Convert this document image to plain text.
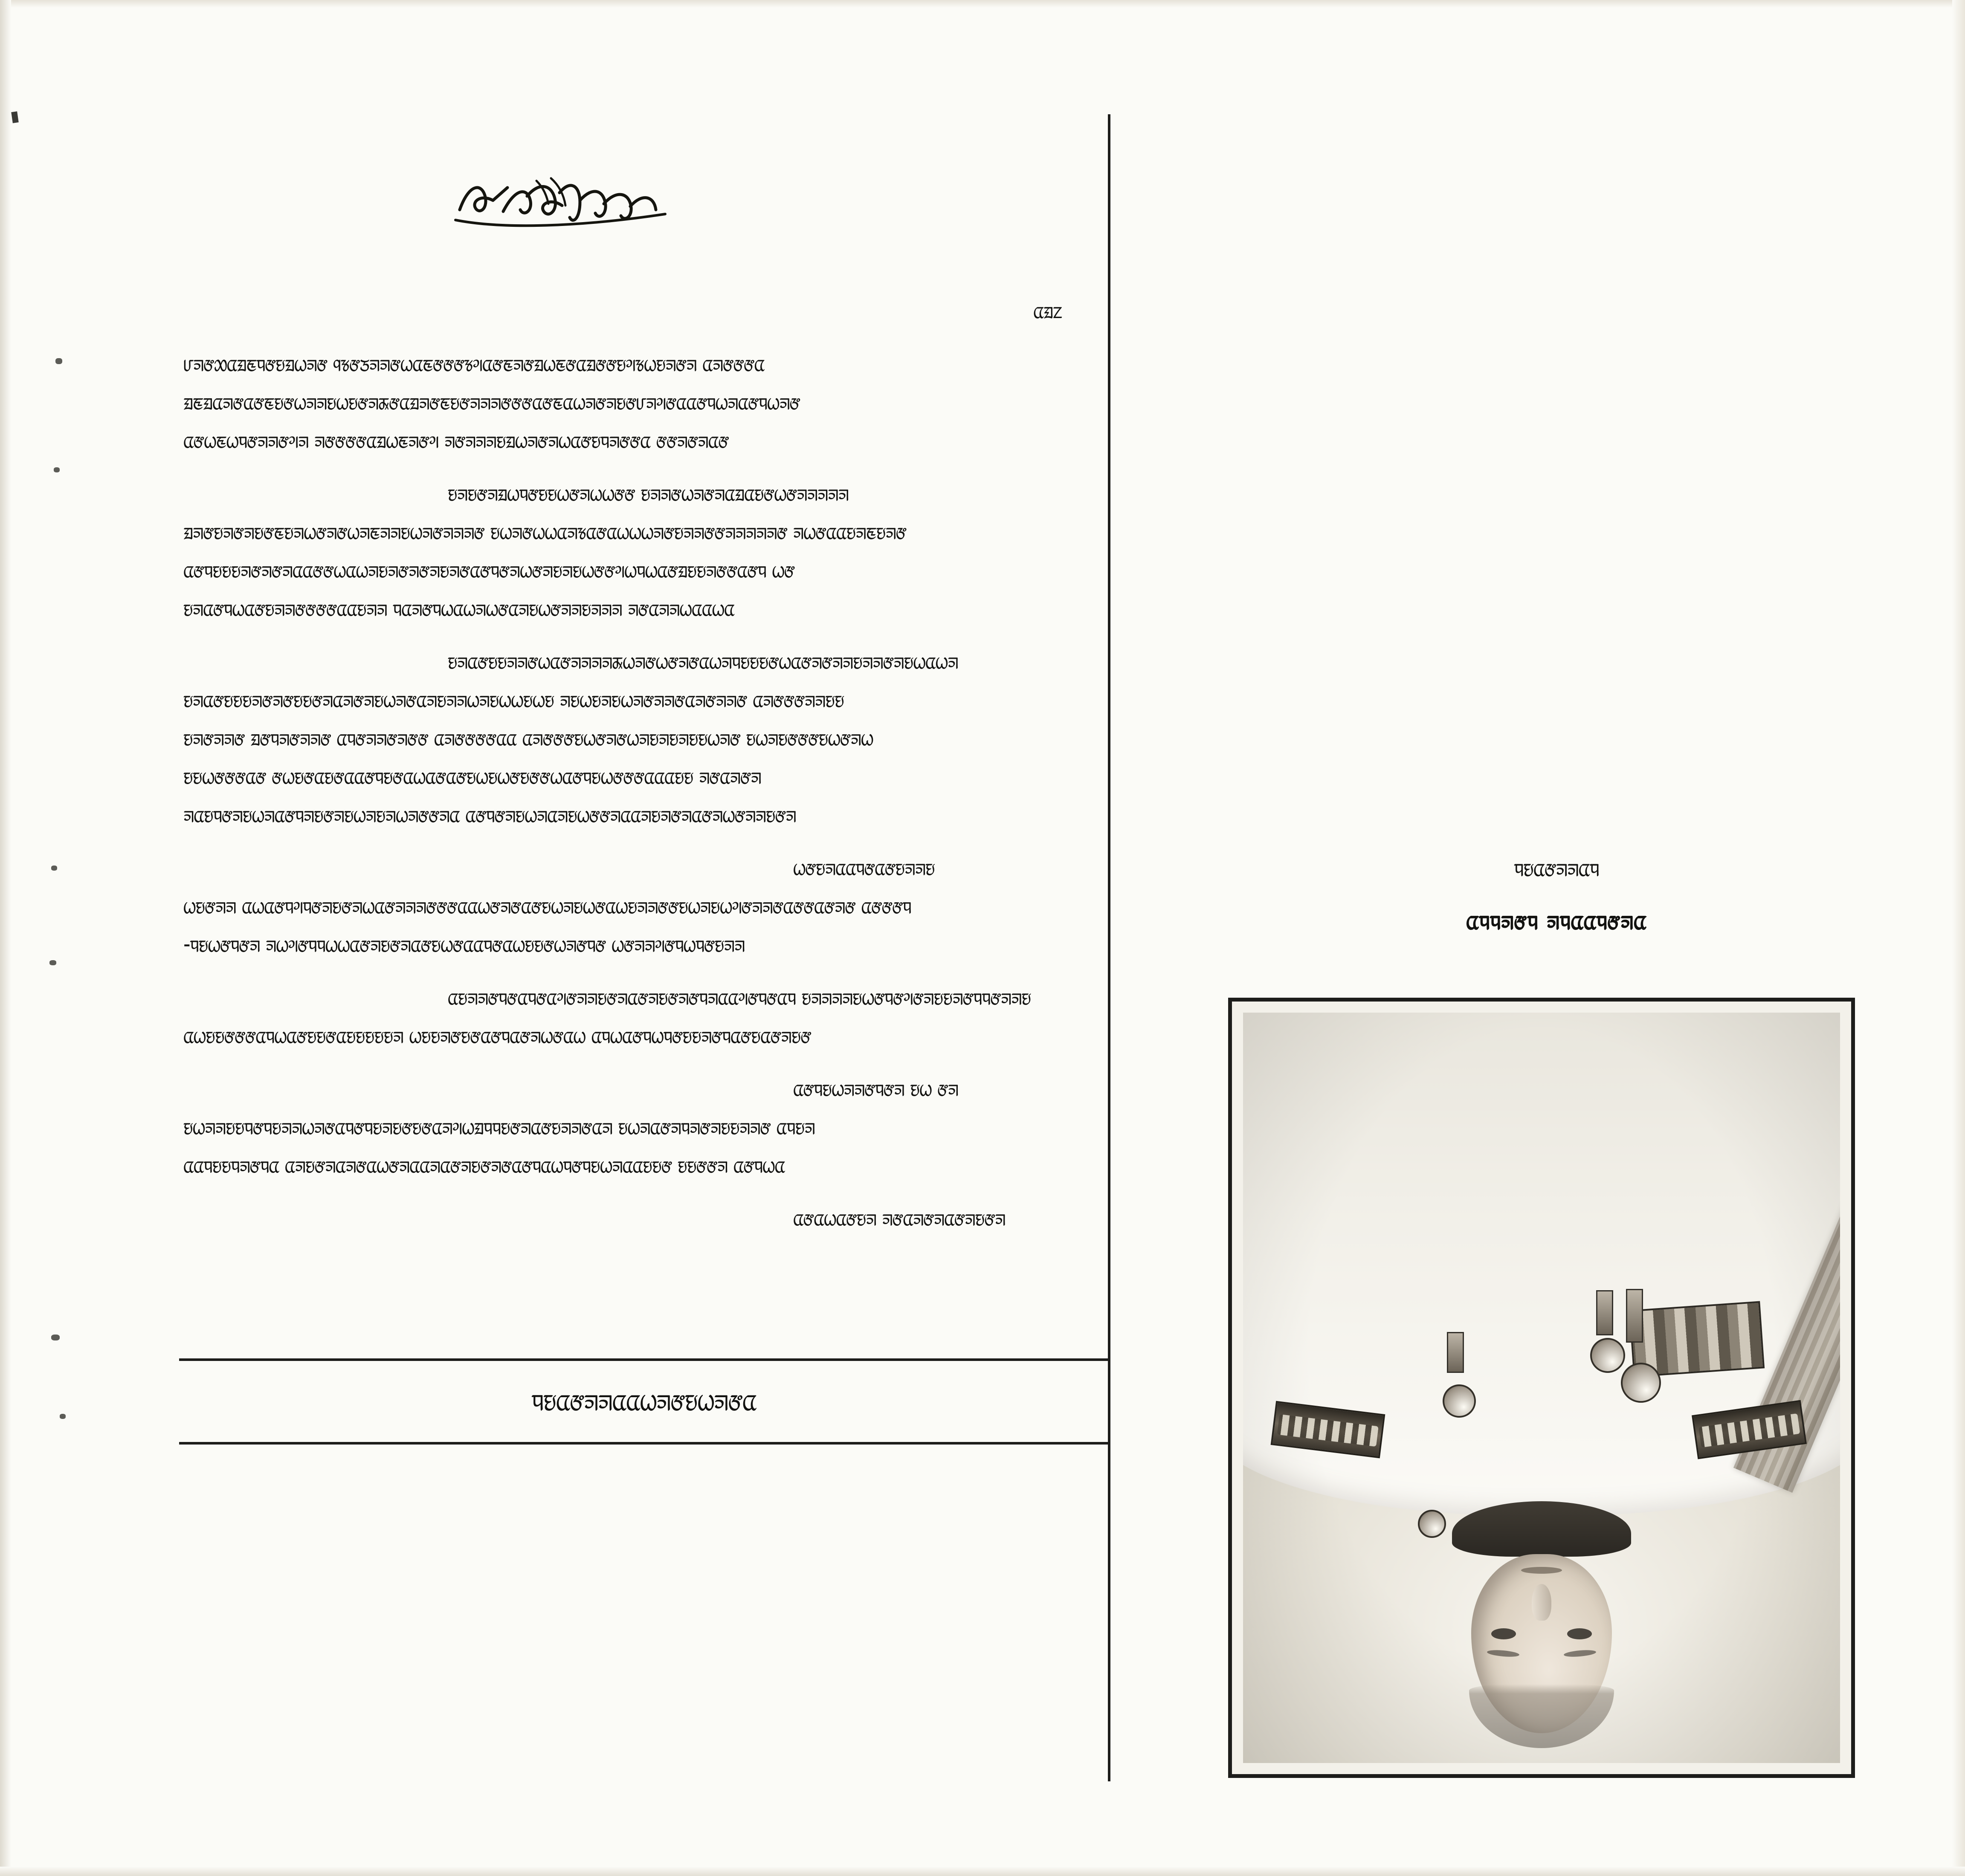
ᤂᤀᤁ
ᤙᤈᤅᤑᤂᤀᤇᤄᤅᤎᤀᤐᤈᤅ ᤚᤃᤅᤍᤈᤈᤅᤐᤂᤇᤅᤅᤅᤃᤆᤂᤅᤇᤈᤅᤀᤐᤇᤅᤂᤀᤅᤅᤎᤆᤃᤐᤎᤈᤅᤈ ᤂᤈᤅᤅᤅᤂ
ᤀᤇᤀᤂᤈᤅᤂᤅᤇᤎᤅᤐᤈᤈᤎᤐᤎᤅᤈᤊᤅᤂᤀᤈᤅᤇᤎᤅᤈᤈᤈᤅᤅᤅᤂᤅᤇᤂᤐᤈᤅᤈᤎᤅᤙᤈᤆᤅᤂᤂᤅᤄᤐᤈᤂᤅᤄᤐᤈᤅ
ᤂᤅᤐᤇᤐᤄᤅᤈᤈᤅᤆᤈ ᤈᤅᤅᤅᤅᤂᤀᤐᤇᤈᤅᤆ ᤈᤅᤈᤈᤈᤎᤀᤐᤈᤅᤈᤐᤂᤅᤎᤄᤈᤅᤅᤂ ᤅᤅᤈᤅᤈᤂᤅ
ᤎᤈᤎᤅᤈᤀᤐᤄᤅᤎᤎᤐᤅᤈᤐᤐᤅᤅ ᤎᤈᤈᤅᤐᤈᤅᤈᤂᤀᤂᤎᤅᤐᤅᤈᤈᤈᤈᤈ
ᤀᤈᤅᤎᤈᤅᤈᤎᤅᤇᤎᤈᤐᤅᤈᤅᤐᤈᤇᤈᤈᤎᤐᤈᤅᤈᤈᤈᤅ ᤎᤐᤈᤅᤐᤐᤂᤈᤃᤂᤅᤂᤐᤐᤐᤈᤅᤎᤈᤈᤅᤅᤈᤈᤈᤈᤈᤅ ᤈᤐᤅᤂᤂᤎᤈᤇᤎᤈᤅ
ᤂᤅᤄᤎᤎᤎᤈᤅᤈᤅᤈᤂᤂᤅᤅᤐᤂᤐᤈᤎᤈᤅᤈᤅᤈᤎᤈᤅᤂᤅᤄᤅᤈᤐᤅᤈᤎᤈᤎᤐᤅᤅᤆᤐᤄᤐᤂᤅᤀᤎᤎᤈᤅᤅᤂᤅᤄ ᤐᤅ
ᤎᤈᤂᤅᤄᤐᤂᤅᤎᤈᤈᤅᤅᤅᤅᤂᤂᤎᤈᤈ ᤄᤂᤈᤅᤄᤐᤂᤐᤈᤐᤅᤂᤈᤎᤐᤅᤈᤈᤎᤈᤈᤈ ᤈᤅᤂᤈᤈᤐᤂᤂᤐᤂ
ᤎᤈᤂᤅᤎᤎᤈᤈᤅᤐᤂᤅᤈᤈᤈᤈᤊᤐᤈᤅᤐᤅᤈᤅᤂᤐᤈᤄᤎᤎᤎᤅᤐᤂᤅᤈᤅᤈᤈᤎᤈᤈᤅᤈᤎᤐᤂᤐᤈ
ᤎᤈᤂᤅᤎᤎᤎᤈᤅᤈᤅᤎᤎᤅᤈᤂᤈᤅᤈᤎᤐᤈᤅᤂᤈᤎᤈᤈᤐᤈᤎᤐᤐᤎᤐᤎ ᤈᤎᤐᤎᤈᤎᤐᤈᤅᤈᤈᤅᤂᤈᤅᤈᤈᤅ ᤂᤈᤅᤅᤅᤈᤈᤎᤎ
ᤎᤈᤅᤈᤈᤅ ᤀᤅᤄᤈᤅᤈᤈᤅ ᤂᤄᤅᤈᤈᤅᤈᤅᤅ ᤂᤈᤅᤅᤅᤅᤂᤂ ᤂᤈᤅᤅᤅᤎᤐᤅᤈᤅᤐᤈᤎᤈᤎᤈᤎᤎᤐᤈᤅ ᤎᤐᤈᤎᤅᤅᤅᤎᤐᤅᤈᤐ
ᤎᤎᤐᤅᤅᤅᤂᤅ ᤅᤐᤎᤅᤂᤎᤅᤂᤂᤅᤄᤎᤅᤂᤐᤂᤅᤂᤅᤎᤐᤎᤐᤅᤎᤅᤅᤐᤂᤅᤄᤎᤐᤅᤅᤅᤂᤂᤂᤎᤎ ᤈᤅᤂᤈᤅᤈ
ᤈᤂᤎᤄᤅᤈᤎᤐᤈᤂᤅᤄᤈᤎᤅᤈᤎᤐᤈᤎᤈᤐᤈᤅᤅᤈᤂ ᤂᤅᤄᤅᤈᤎᤐᤈᤂᤈᤎᤐᤅᤅᤈᤂᤂᤈᤎᤈᤅᤈᤂᤅᤈᤐᤅᤈᤈᤎᤅᤈ
ᤐᤅᤎᤈᤂᤂᤄᤅᤂᤅᤎᤈᤈᤎ
ᤐᤎᤅᤈᤈ ᤂᤐᤂᤅᤄᤆᤄᤅᤈᤎᤅᤈᤐᤂᤅᤈᤈᤈᤅᤅᤅᤂᤂᤐᤅᤈᤅᤂᤅᤎᤐᤈᤎᤐᤅᤂᤐᤎᤈᤈᤅᤅᤎᤐᤈᤎᤐᤆᤅᤈᤈᤅᤂᤅᤅᤂᤅᤈᤅ ᤂᤅᤅᤅᤄ
-ᤄᤎᤐᤅᤄᤅᤈ ᤈᤐᤆᤅᤄᤄᤐᤐᤂᤅᤈᤎᤅᤈᤂᤅᤎᤐᤅᤂᤂᤄᤅᤂᤐᤎᤎᤅᤐᤈᤅᤄᤅ ᤐᤅᤈᤈᤆᤅᤄᤐᤄᤅᤎᤈᤈ
ᤂᤎᤈᤈᤅᤄᤅᤂᤄᤅᤂᤆᤅᤈᤈᤎᤅᤈᤂᤅᤈᤎᤅᤈᤅᤄᤈᤂᤂᤆᤅᤄᤅᤂᤄ ᤎᤈᤈᤈᤈᤎᤐᤅᤄᤅᤆᤅᤈᤎᤎᤈᤅᤄᤄᤅᤈᤈᤎ
ᤂᤐᤎᤎᤅᤅᤅᤂᤄᤐᤂᤅᤎᤎᤅᤂᤎᤎᤎᤎᤎᤈ ᤐᤎᤎᤈᤅᤎᤅᤂᤅᤄᤂᤅᤈᤐᤅᤂᤐ ᤂᤄᤐᤂᤅᤄᤐᤄᤅᤎᤎᤈᤅᤄᤂᤅᤎᤂᤅᤈᤎᤅ
ᤂᤅᤄᤎᤐᤈᤈᤅᤄᤅᤈ ᤎᤐ ᤅᤈ
ᤎᤐᤈᤈᤎᤎᤄᤅᤄᤎᤈᤈᤐᤈᤅᤂᤄᤅᤄᤎᤈᤎᤅᤎᤅᤂᤈᤆᤐᤀᤄᤄᤎᤅᤈᤂᤅᤎᤈᤈᤅᤂᤈ ᤎᤐᤈᤂᤅᤈᤄᤈᤅᤈᤎᤎᤈᤈᤅ ᤂᤄᤎᤈ
ᤂᤂᤄᤎᤎᤄᤈᤅᤄᤂ ᤂᤈᤎᤅᤈᤂᤈᤅᤂᤐᤅᤈᤂᤂᤈᤂᤅᤈᤎᤅᤈᤅᤂᤅᤄᤂᤐᤄᤅᤄᤎᤐᤈᤂᤂᤎᤎᤅ ᤎᤎᤅᤅᤈ ᤂᤅᤄᤐᤂ
ᤂᤅᤂᤐᤂᤅᤎᤈ ᤈᤅᤂᤈᤅᤈᤂᤅᤈᤎᤅᤈ
ᤄᤎᤂᤅᤈᤈᤂᤂᤐᤈᤅᤎᤐᤈᤅᤂ
ᤄᤎᤂᤅᤈᤈᤂᤄ
ᤂᤄᤄᤈᤅᤄ ᤈᤄᤂᤂᤄᤅᤈᤂ
